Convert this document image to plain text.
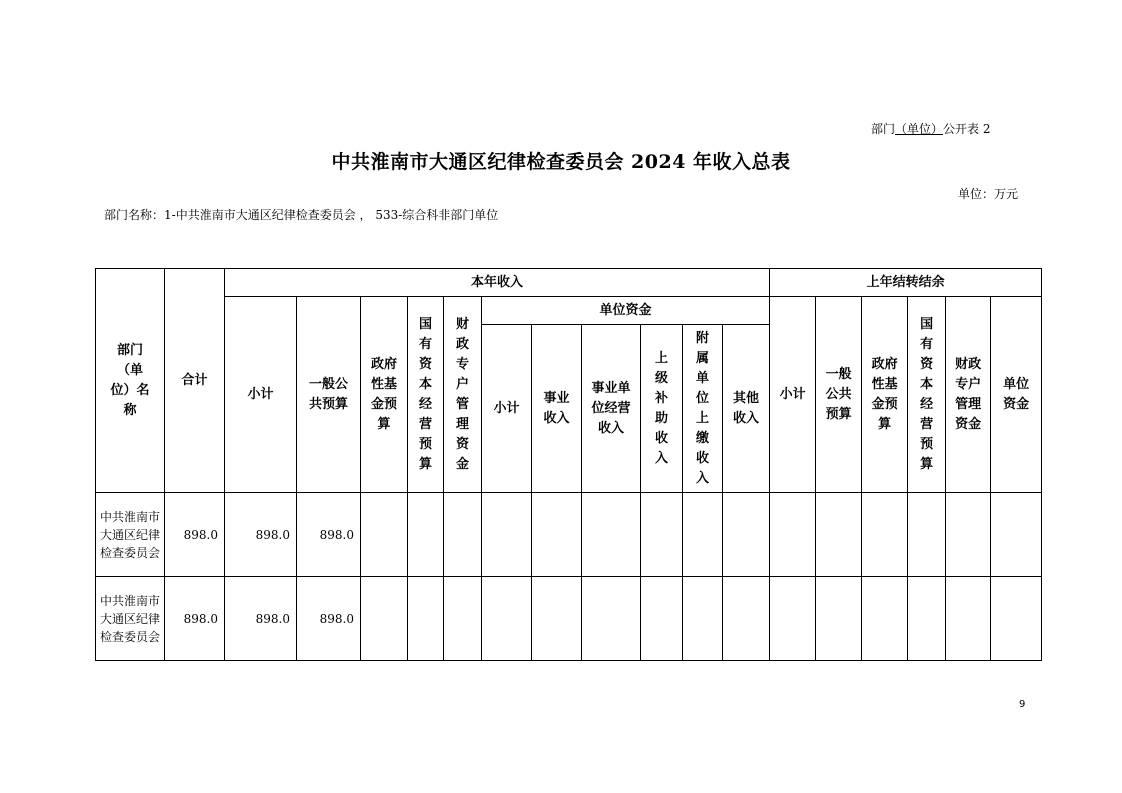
部门（单位）公开表 2
中共淮南市大通区纪律检查委员会 2024 年收入总表
单位：万元
部门名称：1-中共淮南市大通区纪律检查委员会 ， 533-综合科非部门单位
部门（单位）名称	合计	本年收入											上年结转结余					
		小计	一般公共预算	政府性基金预算	国有资本经营预算	财政专户管理资金	单位资金						小计	一般公共预算	政府性基金预算	国有资本经营预算	财政专户管理资金	单位资金
							小计	事业收入	事业单位经营收入	上级补助收入	附属单位上缴收入	其他收入						
中共淮南市大通区纪律检查委员会	898.0	898.0	898.0															
中共淮南市大通区纪律检查委员会	898.0	898.0	898.0															
9
